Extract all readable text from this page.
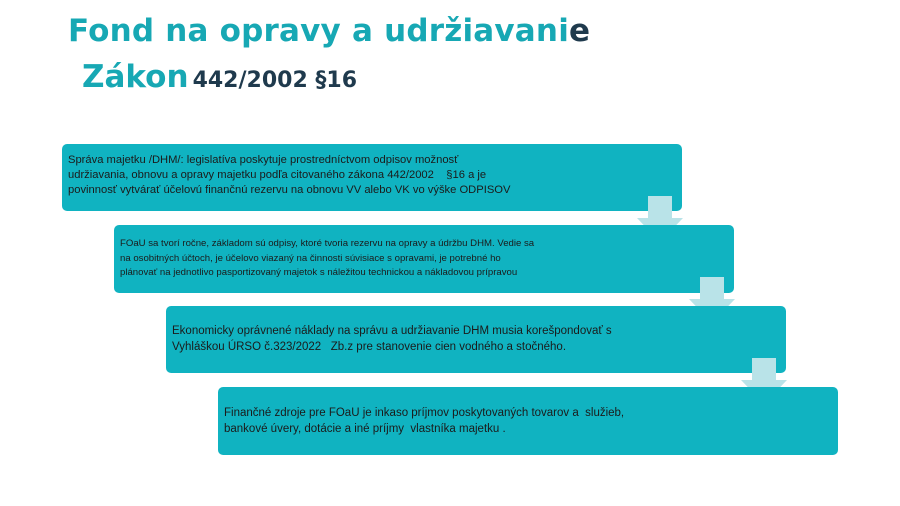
Fond na opravy a udržiavanie
Zákon 442/2002 §16
Správa majetku /DHM/: legislatíva poskytuje prostredníctvom odpisov možnosť
udržiavania, obnovu a opravy majetku podľa citovaného zákona 442/2002    §16 a je
povinnosť vytvárať účelovú finančnú rezervu na obnovu VV alebo VK vo výške ODPISOV
FOaU sa tvorí ročne, základom sú odpisy, ktoré tvoria rezervu na opravy a údržbu DHM. Vedie sa
na osobitných účtoch, je účelovo viazaný na činnosti súvisiace s opravami, je potrebné ho
plánovať na jednotlivo pasportizovaný majetok s náležitou technickou a nákladovou prípravou
Ekonomicky oprávnené náklady na správu a udržiavanie DHM musia korešpondovať s
Vyhláškou ÚRSO č.323/2022   Zb.z pre stanovenie cien vodného a stočného.
Finančné zdroje pre FOaU je inkaso príjmov poskytovaných tovarov a  služieb,
bankové úvery, dotácie a iné príjmy  vlastníka majetku .
